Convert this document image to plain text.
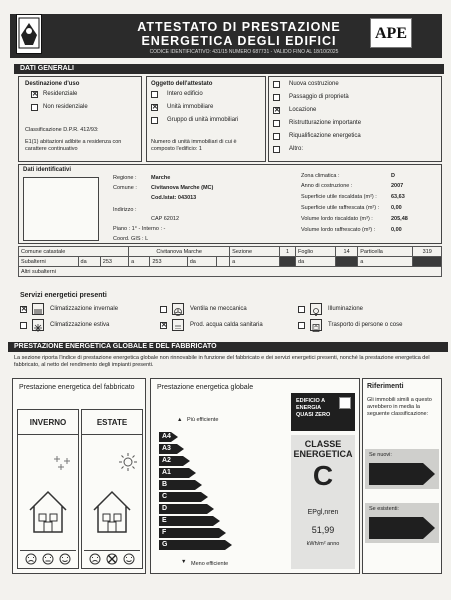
ATTESTATO DI PRESTAZIONE
ENERGETICA DEGLI EDIFICI
CODICE IDENTIFICATIVO: 431/15 NUMERO 687731 - VALIDO FINO AL 18/10/2025
APE
DATI GENERALI
Destinazione d'uso
✕ Residenziale
Non residenziale
Classificazione D.P.R. 412/93:
E1(1) abitazioni adibite a residenza con carattere continuativo
Oggetto dell'attestato
Intero edificio
✕ Unità immobiliare
Gruppo di unità immobiliari
Numero di unità immobiliari di cui è composto l'edificio: 1
Nuova costruzione
Passaggio di proprietà
✕ Locazione
Ristrutturazione importante
Riqualificazione energetica
Altro:
Dati identificativi
Regione :	Marche
Comune :	Civitanova Marche (MC)
Cod.Istat: 043013
Indirizzo :
CAP 62012
Piano : 1° - Interno : -
Coord. GIS : L
Zona climatica :	D
Anno di costruzione :	2007
Superficie utile riscaldata (m²) :	63,63
Superficie utile raffrescata (m²) : 0,00
Volume lordo riscaldato (m³) :	205,48
Volume lordo raffrescato (m³) :	0,00
Comune catastale			Civitanova Marche				Sezione	1	Foglio	14	Particella	319
Subalterni	da	253	a	253	da		a		da		a	
Altri subalterni												
Servizi energetici presenti
✕	Climatizzazione invernale
Climatizzazione estiva
Ventila ne meccanica
✕	Prod. acqua calda sanitaria
Illuminazione
Trasporto di persone o cose
PRESTAZIONE ENERGETICA GLOBALE E DEL FABBRICATO
La sezione riporta l'indice di prestazione energetica globale non rinnovabile in funzione del fabbricato e dei servizi energetici presenti, nonché la prestazione energetica del fabbricato, al netto del rendimento degli impianti presenti.
Prestazione energetica del fabbricato
INVERNO	ESTATE
Prestazione energetica globale
▲ Più efficiente
A4
A3
A2
A1
B
C
D
E
F
G
▼ Meno efficiente
EDIFICIO A ENERGIA QUASI ZERO
CLASSE ENERGETICA
C
EPgl,nren
51,99
kWh/m² anno
Riferimenti
Gli immobili simili a questo avrebbero in media la seguente classificazione:
Se nuovi:
Se esistenti:
